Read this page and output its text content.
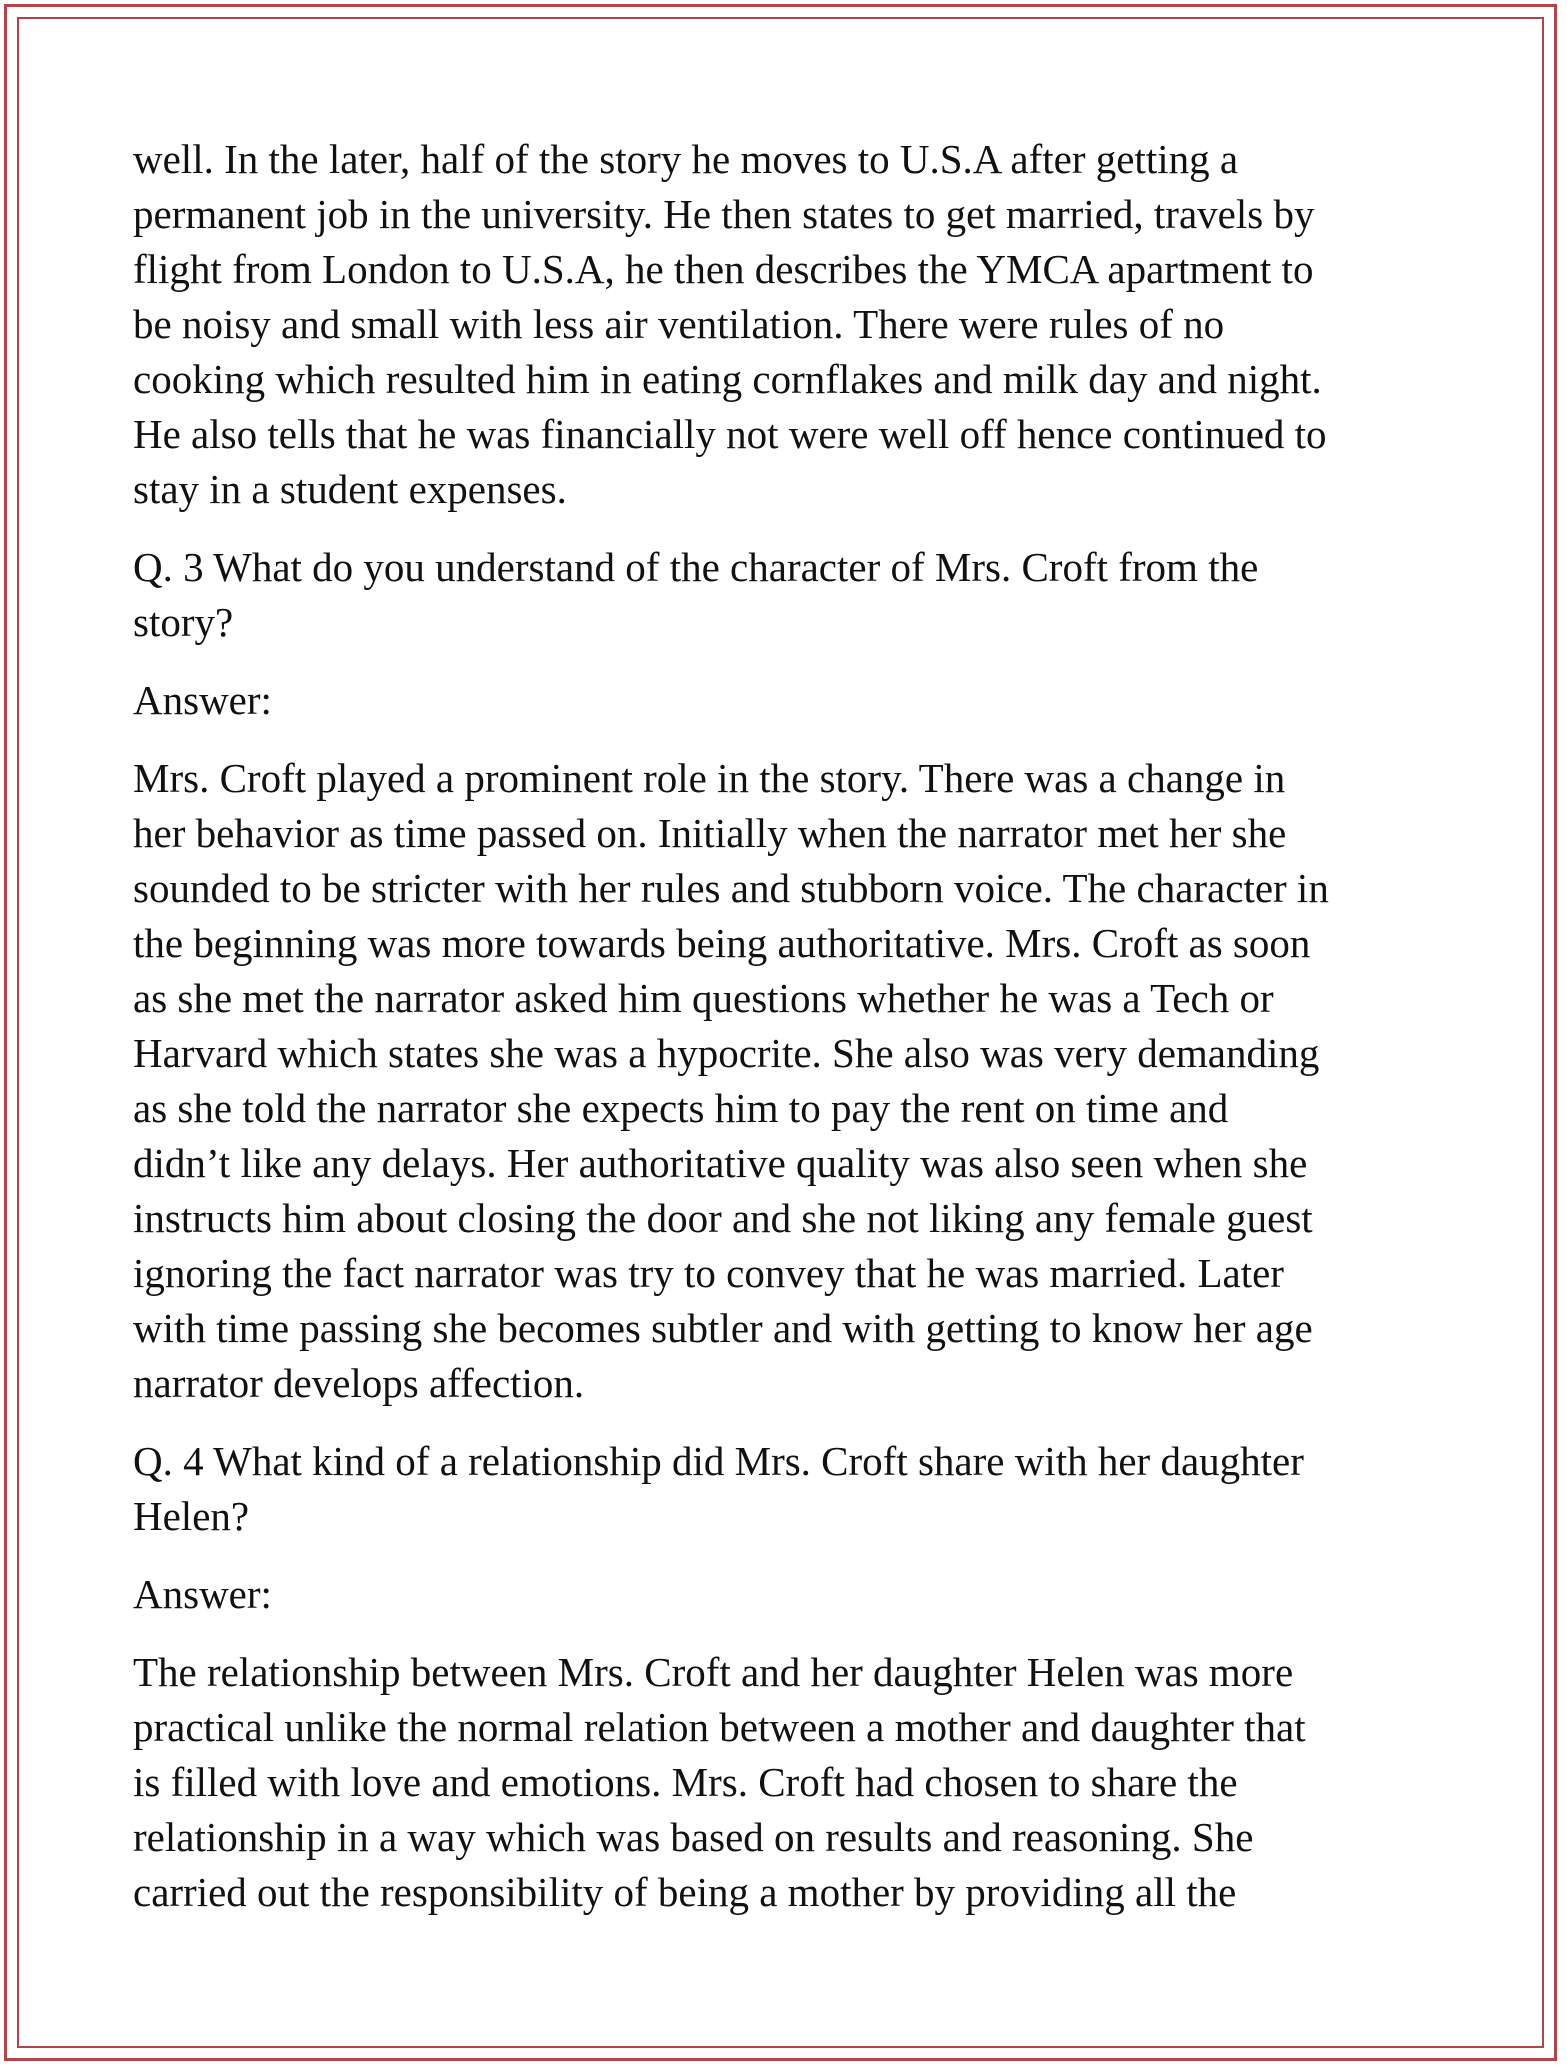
well. In the later, half of the story he moves to U.S.A after getting a
permanent job in the university. He then states to get married, travels by
flight from London to U.S.A, he then describes the YMCA apartment to
be noisy and small with less air ventilation. There were rules of no
cooking which resulted him in eating cornflakes and milk day and night.
He also tells that he was financially not were well off hence continued to
stay in a student expenses.

Q. 3 What do you understand of the character of Mrs. Croft from the
story?

Answer:

Mrs. Croft played a prominent role in the story. There was a change in
her behavior as time passed on. Initially when the narrator met her she
sounded to be stricter with her rules and stubborn voice. The character in
the beginning was more towards being authoritative. Mrs. Croft as soon
as she met the narrator asked him questions whether he was a Tech or
Harvard which states she was a hypocrite. She also was very demanding
as she told the narrator she expects him to pay the rent on time and
didn’t like any delays. Her authoritative quality was also seen when she
instructs him about closing the door and she not liking any female guest
ignoring the fact narrator was try to convey that he was married. Later
with time passing she becomes subtler and with getting to know her age
narrator develops affection.

Q. 4 What kind of a relationship did Mrs. Croft share with her daughter
Helen?

Answer:

The relationship between Mrs. Croft and her daughter Helen was more
practical unlike the normal relation between a mother and daughter that
is filled with love and emotions. Mrs. Croft had chosen to share the
relationship in a way which was based on results and reasoning. She
carried out the responsibility of being a mother by providing all the
